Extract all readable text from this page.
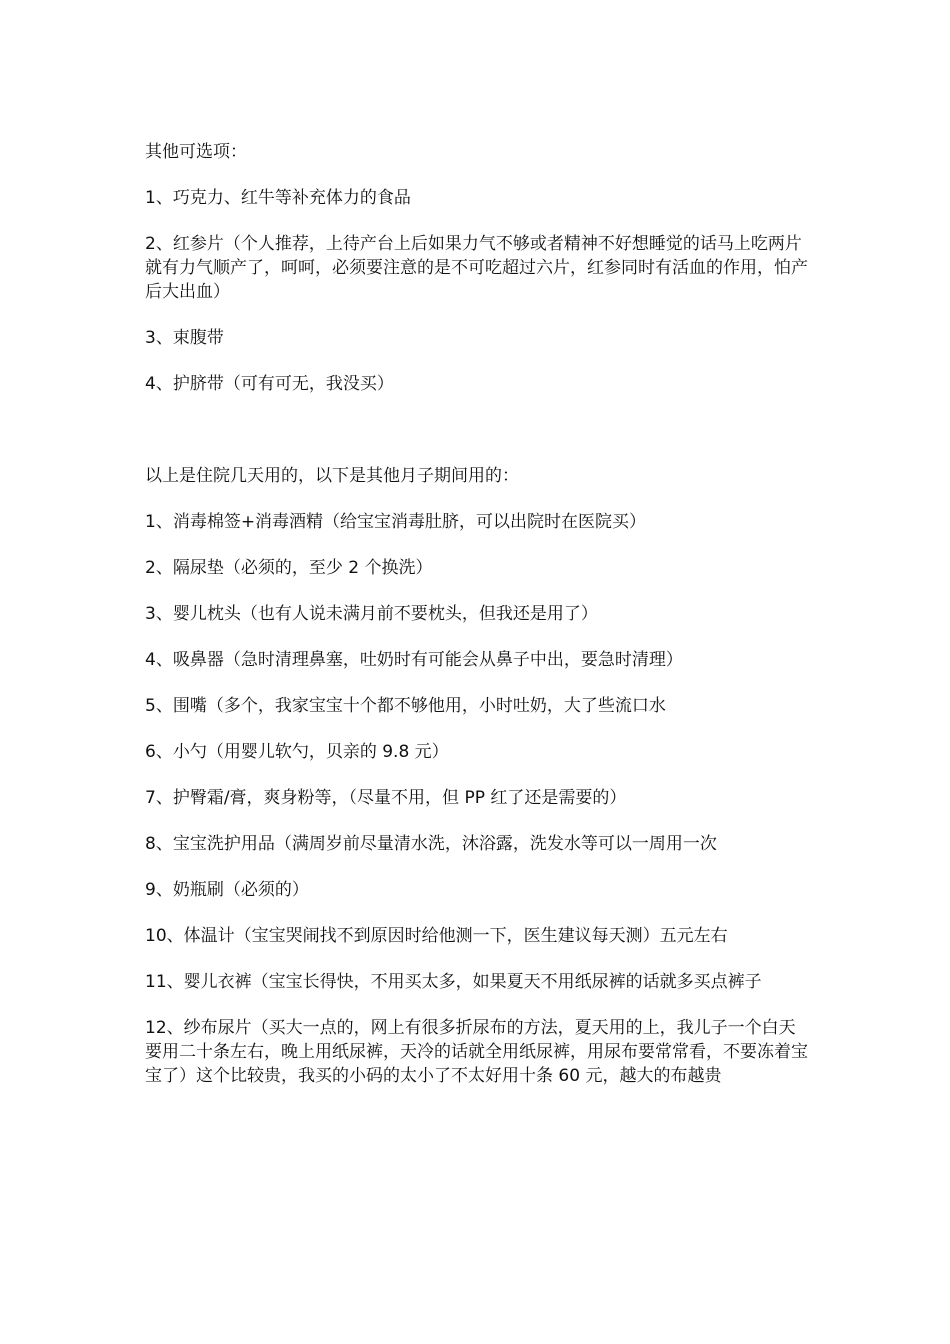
其他可选项：

1、巧克力、红牛等补充体力的食品

2、红参片（个人推荐，上待产台上后如果力气不够或者精神不好想睡觉的话马上吃两片就有力气顺产了，呵呵，必须要注意的是不可吃超过六片，红参同时有活血的作用，怕产后大出血）

3、束腹带

4、护脐带（可有可无，我没买）

以上是住院几天用的，以下是其他月子期间用的：

1、消毒棉签+消毒酒精（给宝宝消毒肚脐，可以出院时在医院买）

2、隔尿垫（必须的，至少 2 个换洗）

3、婴儿枕头（也有人说未满月前不要枕头，但我还是用了）

4、吸鼻器（急时清理鼻塞，吐奶时有可能会从鼻子中出，要急时清理）

5、围嘴（多个，我家宝宝十个都不够他用，小时吐奶，大了些流口水

6、小勺（用婴儿软勺，贝亲的 9.8 元）

7、护臀霜/膏，爽身粉等，（尽量不用，但 PP 红了还是需要的）

8、宝宝洗护用品（满周岁前尽量清水洗，沐浴露，洗发水等可以一周用一次

9、奶瓶刷（必须的）

10、体温计（宝宝哭闹找不到原因时给他测一下，医生建议每天测）五元左右

11、婴儿衣裤（宝宝长得快，不用买太多，如果夏天不用纸尿裤的话就多买点裤子

12、纱布尿片（买大一点的，网上有很多折尿布的方法，夏天用的上，我儿子一个白天要用二十条左右，晚上用纸尿裤，天冷的话就全用纸尿裤，用尿布要常常看，不要冻着宝宝了）这个比较贵，我买的小码的太小了不太好用十条 60 元，越大的布越贵
